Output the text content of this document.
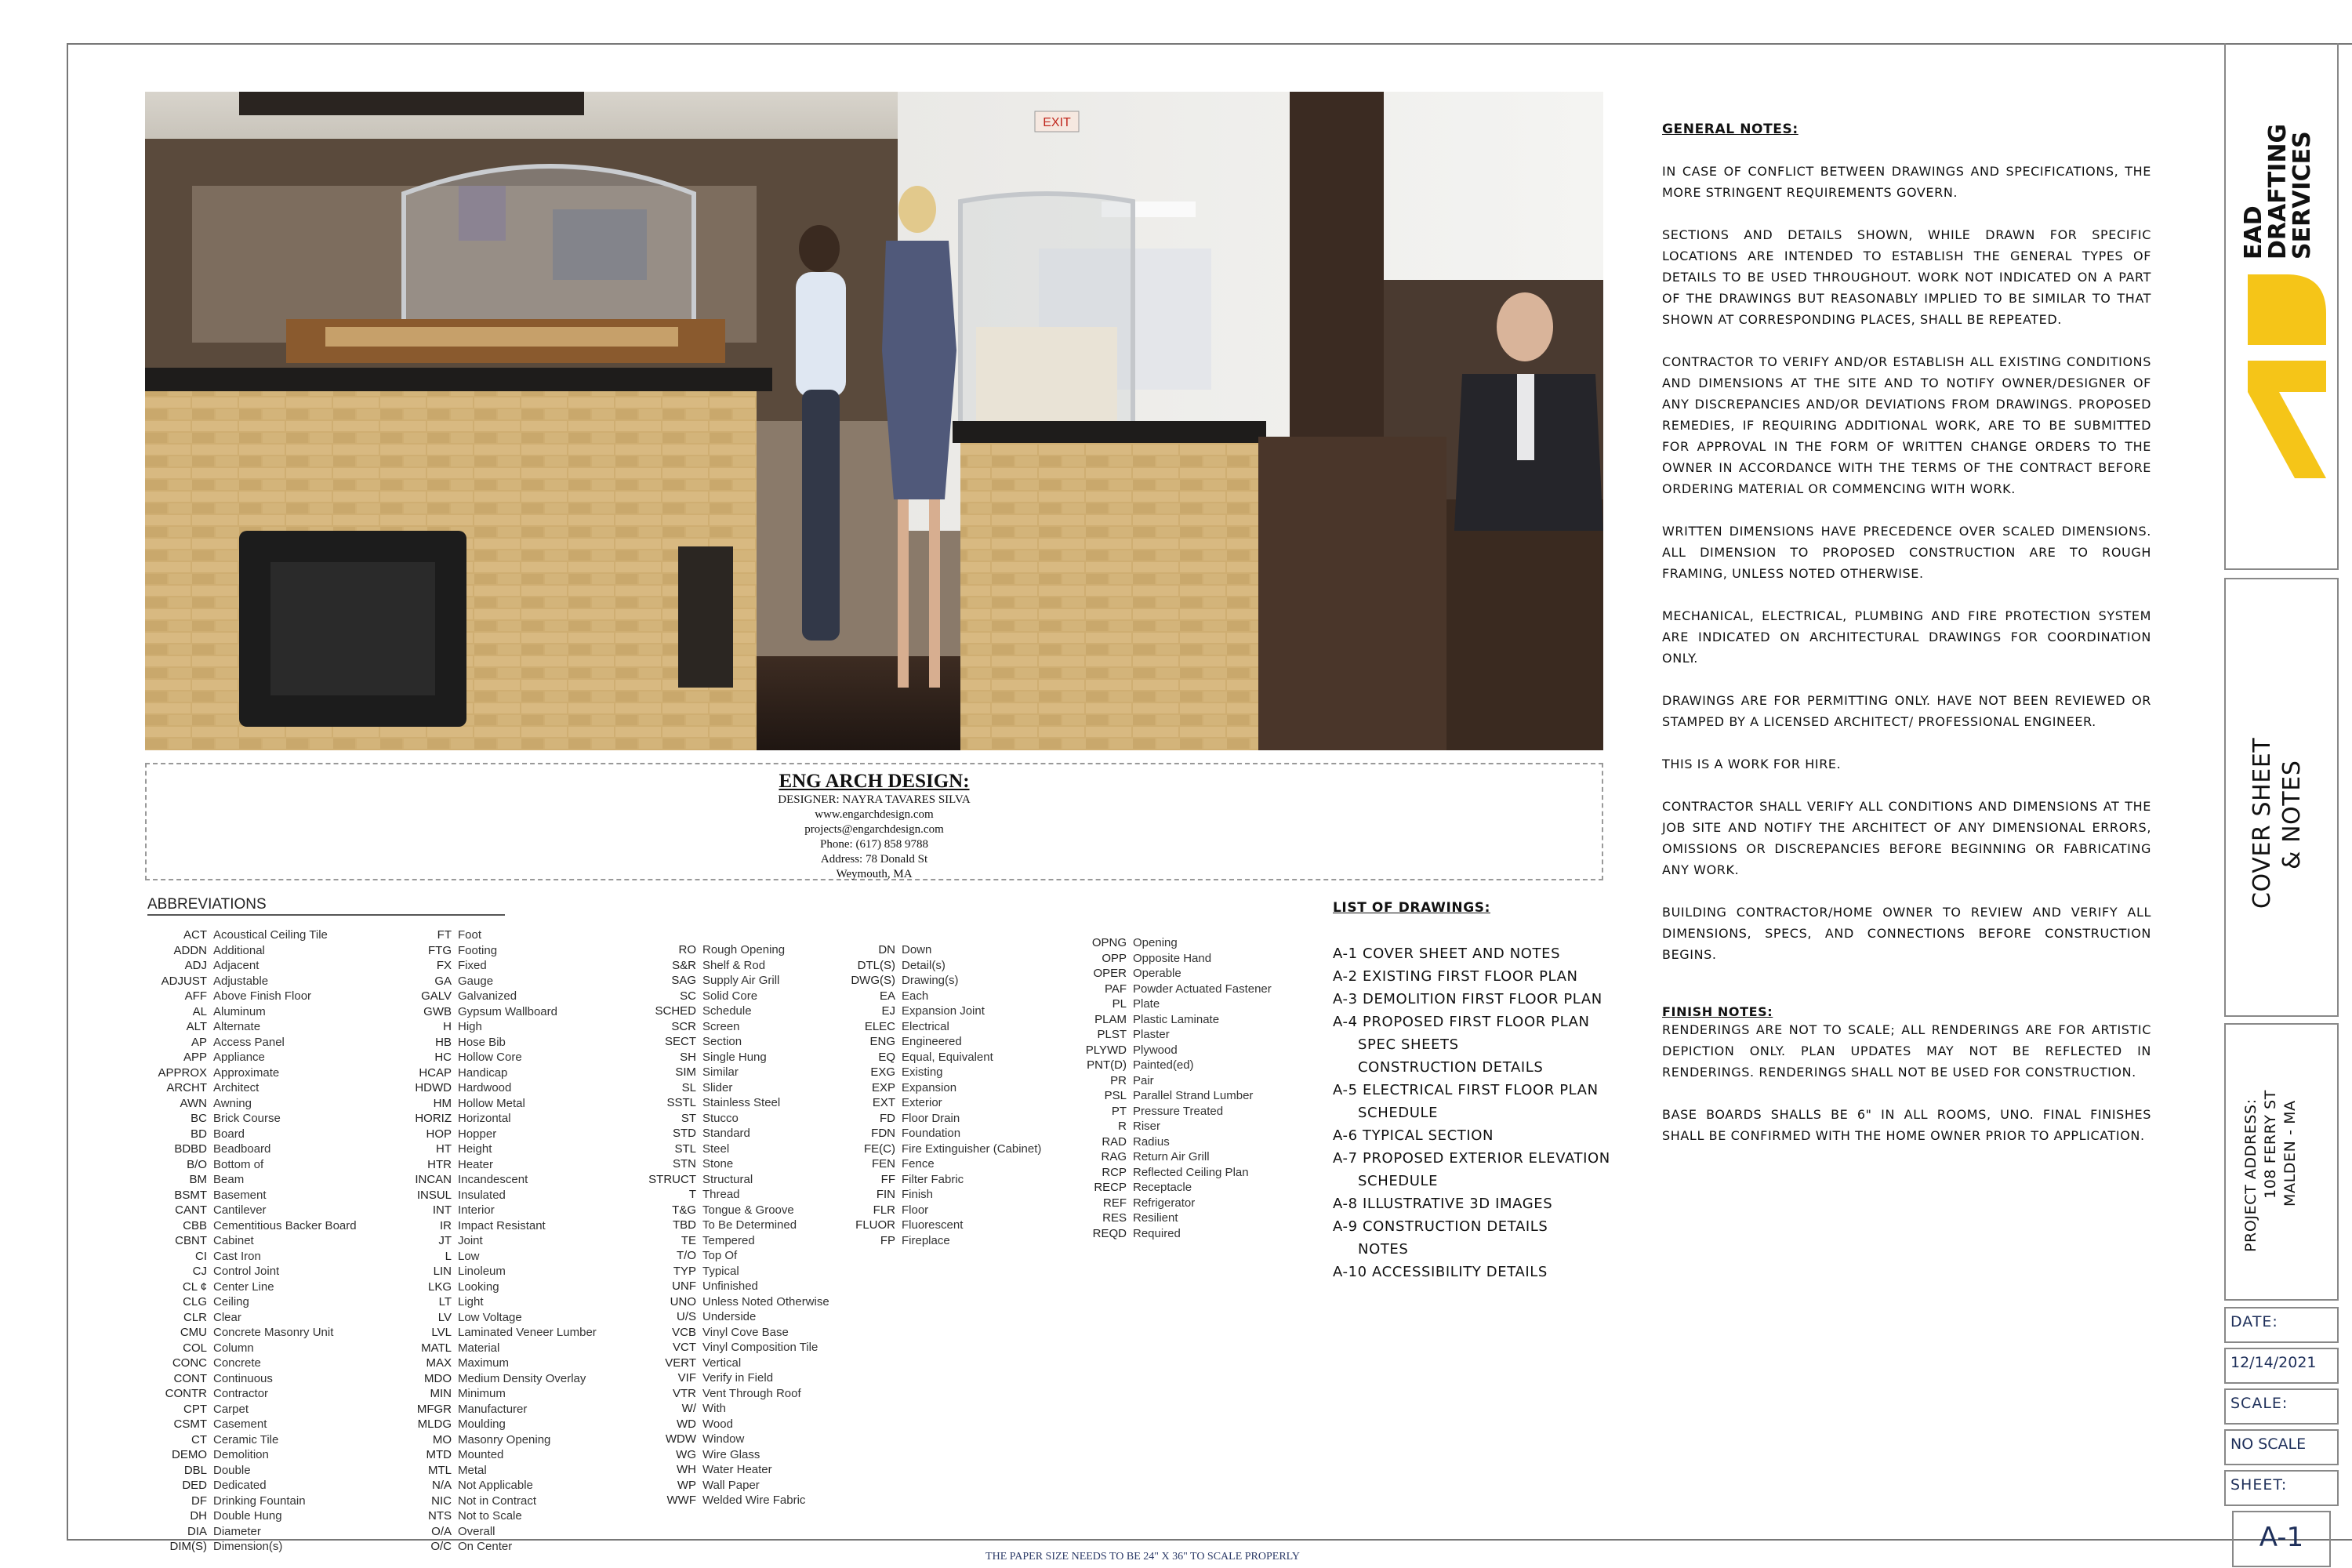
EXIT
ENG ARCH DESIGN:
DESIGNER: NAYRA TAVARES SILVA
www.engarchdesign.com
projects@engarchdesign.com
Phone: (617) 858 9788
Address: 78 Donald St
Weymouth, MA
ABBREVIATIONS
ACT Acoustical Ceiling Tile
ADDN Additional
ADJ Adjacent
ADJUST Adjustable
AFF Above Finish Floor
AL Aluminum
ALT Alternate
AP Access Panel
APP Appliance
APPROX Approximate
ARCHT Architect
AWN Awning
BC Brick Course
BD Board
BDBD Beadboard
B/O Bottom of
BM Beam
BSMT Basement
CANT Cantilever
CBB Cementitious Backer Board
CBNT Cabinet
CI Cast Iron
CJ Control Joint
CL ¢ Center Line
CLG Ceiling
CLR Clear
CMU Concrete Masonry Unit
COL Column
CONC Concrete
CONT Continuous
CONTR Contractor
CPT Carpet
CSMT Casement
CT Ceramic Tile
DEMO Demolition
DBL Double
DED Dedicated
DF Drinking Fountain
DH Double Hung
DIA Diameter
DIM(S) Dimension(s)
FT Foot
FTG Footing
FX Fixed
GA Gauge
GALV Galvanized
GWB Gypsum Wallboard
H High
HB Hose Bib
HC Hollow Core
HCAP Handicap
HDWD Hardwood
HM Hollow Metal
HORIZ Horizontal
HOP Hopper
HT Height
HTR Heater
INCAN Incandescent
INSUL Insulated
INT Interior
IR Impact Resistant
JT Joint
L Low
LIN Linoleum
LKG Looking
LT Light
LV Low Voltage
LVL Laminated Veneer Lumber
MATL Material
MAX Maximum
MDO Medium Density Overlay
MIN Minimum
MFGR Manufacturer
MLDG Moulding
MO Masonry Opening
MTD Mounted
MTL Metal
N/A Not Applicable
NIC Not in Contract
NTS Not to Scale
O/A Overall
O/C On Center
RO Rough Opening
S&R Shelf & Rod
SAG Supply Air Grill
SC Solid Core
SCHED Schedule
SCR Screen
SECT Section
SH Single Hung
SIM Similar
SL Slider
SSTL Stainless Steel
ST Stucco
STD Standard
STL Steel
STN Stone
STRUCT Structural
T Thread
T&G Tongue & Groove
TBD To Be Determined
TE Tempered
T/O Top Of
TYP Typical
UNF Unfinished
UNO Unless Noted Otherwise
U/S Underside
VCB Vinyl Cove Base
VCT Vinyl Composition Tile
VERT Vertical
VIF Verify in Field
VTR Vent Through Roof
W/ With
WD Wood
WDW Window
WG Wire Glass
WH Water Heater
WP Wall Paper
WWF Welded Wire Fabric
DN Down
DTL(S) Detail(s)
DWG(S) Drawing(s)
EA Each
EJ Expansion Joint
ELEC Electrical
ENG Engineered
EQ Equal, Equivalent
EXG Existing
EXP Expansion
EXT Exterior
FD Floor Drain
FDN Foundation
FE(C) Fire Extinguisher (Cabinet)
FEN Fence
FF Filter Fabric
FIN Finish
FLR Floor
FLUOR Fluorescent
FP Fireplace
OPNG Opening
OPP Opposite Hand
OPER Operable
PAF Powder Actuated Fastener
PL Plate
PLAM Plastic Laminate
PLST Plaster
PLYWD Plywood
PNT(D) Painted(ed)
PR Pair
PSL Parallel Strand Lumber
PT Pressure Treated
R Riser
RAD Radius
RAG Return Air Grill
RCP Reflected Ceiling Plan
RECP Receptacle
REF Refrigerator
RES Resilient
REQD Required
LIST OF DRAWINGS:
A-1 COVER SHEET AND NOTES
A-2 EXISTING FIRST FLOOR PLAN
A-3 DEMOLITION FIRST FLOOR PLAN
A-4 PROPOSED FIRST FLOOR PLAN
SPEC SHEETS
CONSTRUCTION DETAILS
A-5 ELECTRICAL FIRST FLOOR PLAN
SCHEDULE
A-6 TYPICAL SECTION
A-7 PROPOSED EXTERIOR ELEVATION
SCHEDULE
A-8 ILLUSTRATIVE 3D IMAGES
A-9 CONSTRUCTION DETAILS
NOTES
A-10 ACCESSIBILITY DETAILS
GENERAL NOTES:

IN CASE OF CONFLICT BETWEEN DRAWINGS AND SPECIFICATIONS, THE MORE STRINGENT REQUIREMENTS GOVERN.

SECTIONS AND DETAILS SHOWN, WHILE DRAWN FOR SPECIFIC LOCATIONS ARE INTENDED TO ESTABLISH THE GENERAL TYPES OF DETAILS TO BE USED THROUGHOUT. WORK NOT INDICATED ON A PART OF THE DRAWINGS BUT REASONABLY IMPLIED TO BE SIMILAR TO THAT SHOWN AT CORRESPONDING PLACES, SHALL BE REPEATED.

CONTRACTOR TO VERIFY AND/OR ESTABLISH ALL EXISTING CONDITIONS AND DIMENSIONS AT THE SITE AND TO NOTIFY OWNER/DESIGNER OF ANY DISCREPANCIES AND/OR DEVIATIONS FROM DRAWINGS. PROPOSED REMEDIES, IF REQUIRING ADDITIONAL WORK, ARE TO BE SUBMITTED FOR APPROVAL IN THE FORM OF WRITTEN CHANGE ORDERS TO THE OWNER IN ACCORDANCE WITH THE TERMS OF THE CONTRACT BEFORE ORDERING MATERIAL OR COMMENCING WITH WORK.

WRITTEN DIMENSIONS HAVE PRECEDENCE OVER SCALED DIMENSIONS. ALL DIMENSION TO PROPOSED CONSTRUCTION ARE TO ROUGH FRAMING, UNLESS NOTED OTHERWISE.

MECHANICAL, ELECTRICAL, PLUMBING AND FIRE PROTECTION SYSTEM ARE INDICATED ON ARCHITECTURAL DRAWINGS FOR COORDINATION ONLY.

DRAWINGS ARE FOR PERMITTING ONLY. HAVE NOT BEEN REVIEWED OR STAMPED BY A LICENSED ARCHITECT/ PROFESSIONAL ENGINEER.

THIS IS A WORK FOR HIRE.

CONTRACTOR SHALL VERIFY ALL CONDITIONS AND DIMENSIONS AT THE JOB SITE AND NOTIFY THE ARCHITECT OF ANY DIMENSIONAL ERRORS, OMISSIONS OR DISCREPANCIES BEFORE BEGINNING OR FABRICATING ANY WORK.

BUILDING CONTRACTOR/HOME OWNER TO REVIEW AND VERIFY ALL DIMENSIONS, SPECS, AND CONNECTIONS BEFORE CONSTRUCTION BEGINS.

FINISH NOTES:

RENDERINGS ARE NOT TO SCALE; ALL RENDERINGS ARE FOR ARTISTIC DEPICTION ONLY. PLAN UPDATES MAY NOT BE REFLECTED IN RENDERINGS. RENDERINGS SHALL NOT BE USED FOR CONSTRUCTION.

BASE BOARDS SHALLS BE 6" IN ALL ROOMS, UNO. FINAL FINISHES SHALL BE CONFIRMED WITH THE HOME OWNER PRIOR TO APPLICATION.

EAD
DRAFTING
SERVICES
COVER SHEET & NOTES
PROJECT ADDRESS: 108 FERRY ST MALDEN - MA
DATE:
12/14/2021
SCALE:
NO SCALE
SHEET:
A-1
THE PAPER SIZE NEEDS TO BE 24" X 36" TO SCALE PROPERLY
